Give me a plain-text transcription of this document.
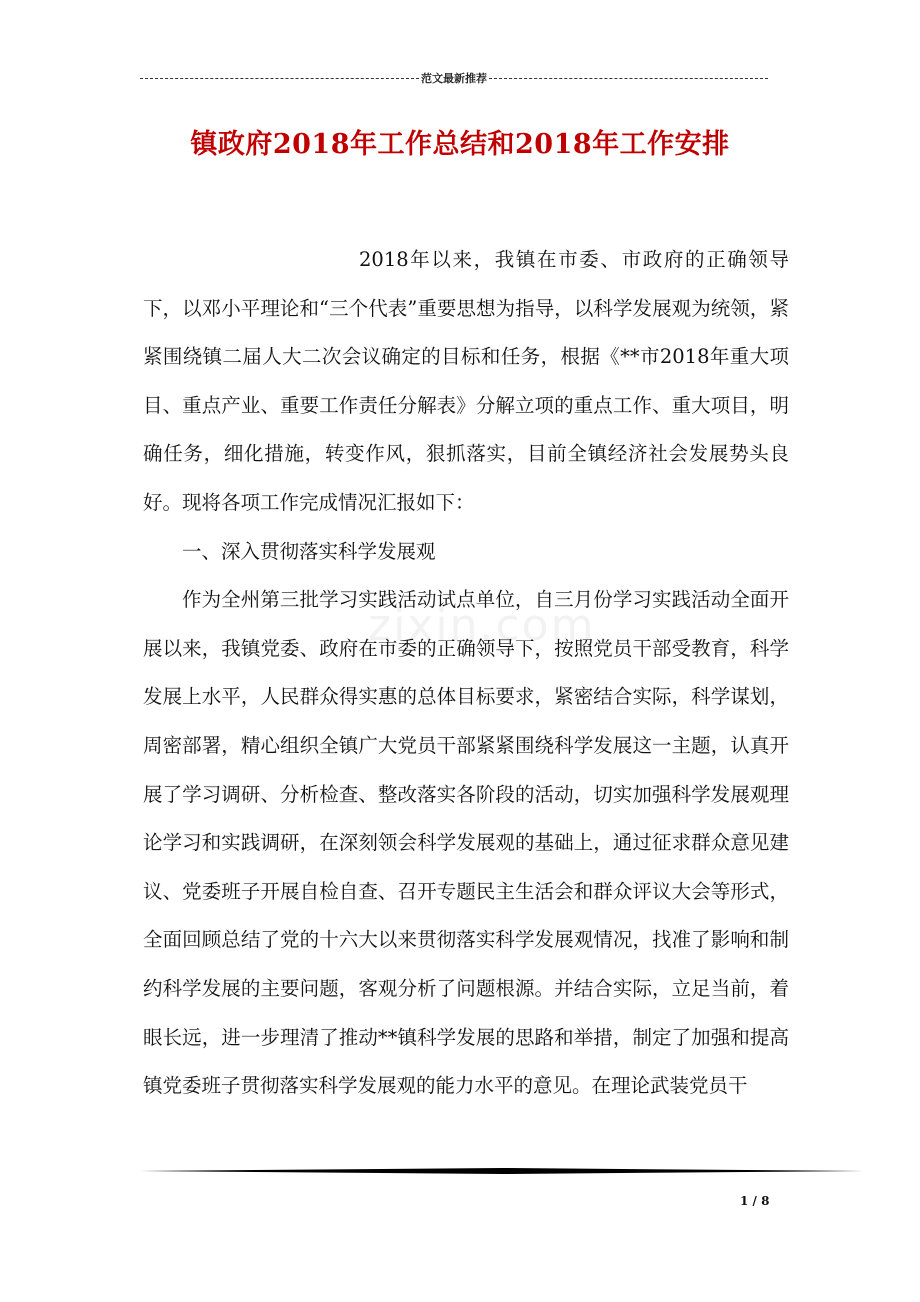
范文最新推荐
镇政府2018年工作总结和2018年工作安排
zixin.com

2018年以来，我镇在市委、市政府的正确领导下，以邓小平理论和“三个代表”重要思想为指导，以科学发展观为统领，紧紧围绕镇二届人大二次会议确定的目标和任务，根据《**市2018年重大项目、重点产业、重要工作责任分解表》分解立项的重点工作、重大项目，明确任务，细化措施，转变作风，狠抓落实，目前全镇经济社会发展势头良好。现将各项工作完成情况汇报如下：

一、深入贯彻落实科学发展观

作为全州第三批学习实践活动试点单位，自三月份学习实践活动全面开展以来，我镇党委、政府在市委的正确领导下，按照党员干部受教育，科学发展上水平，人民群众得实惠的总体目标要求，紧密结合实际，科学谋划，周密部署，精心组织全镇广大党员干部紧紧围绕科学发展这一主题，认真开展了学习调研、分析检查、整改落实各阶段的活动，切实加强科学发展观理论学习和实践调研，在深刻领会科学发展观的基础上，通过征求群众意见建议、党委班子开展自检自查、召开专题民主生活会和群众评议大会等形式，全面回顾总结了党的十六大以来贯彻落实科学发展观情况，找准了影响和制约科学发展的主要问题，客观分析了问题根源。并结合实际，立足当前，着眼长远，进一步理清了推动**镇科学发展的思路和举措，制定了加强和提高镇党委班子贯彻落实科学发展观的能力水平的意见。在理论武装党员干

1 / 8
